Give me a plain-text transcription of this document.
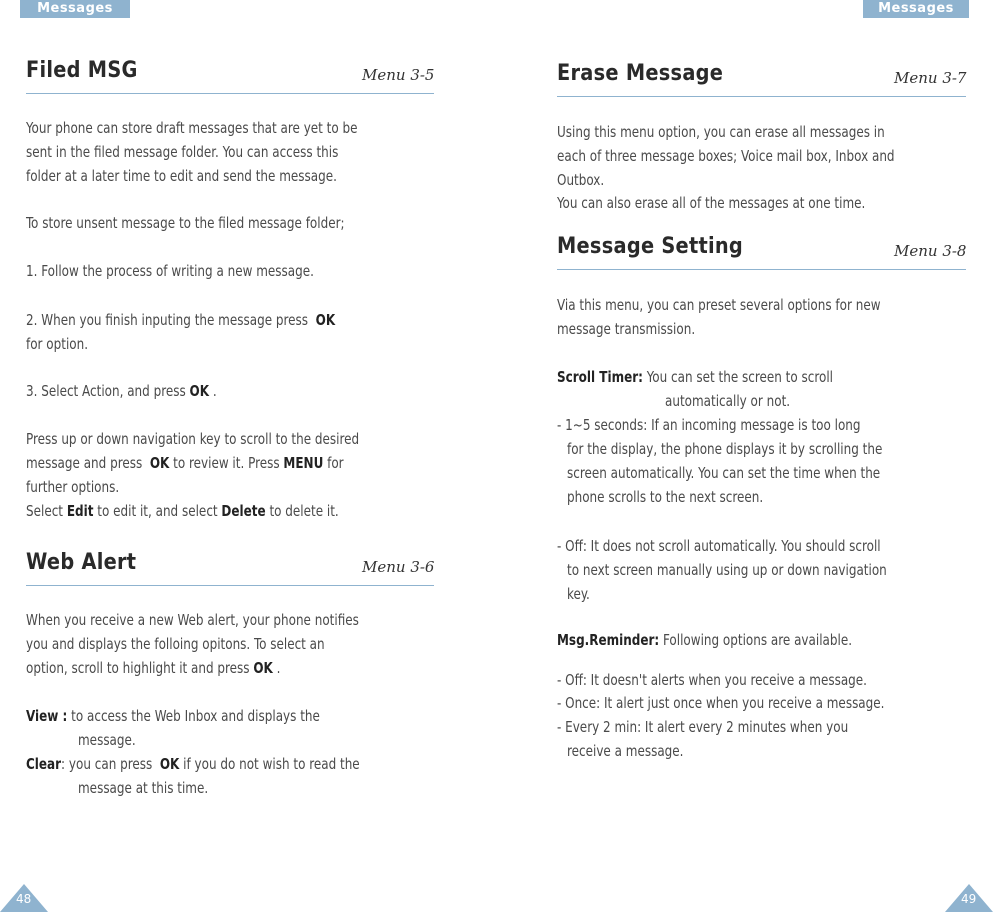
Messages
Filed MSG	Menu 3-5
Your phone can store draft messages that are yet to be
sent in the filed message folder. You can access this
folder at a later time to edit and send the message.
To store unsent message to the filed message folder;
1. Follow the process of writing a new message.
2. When you finish inputing the message press OK
for option.
3. Select Action, and press OK .
Press up or down navigation key to scroll to the desired
message and press OK to review it. Press MENU for
further options.
Select Edit to edit it, and select Delete to delete it.
Web Alert	Menu 3-6
When you receive a new Web alert, your phone notifies
you and displays the folloing opitons. To select an
option, scroll to highlight it and press OK .
View : to access the Web Inbox and displays the
message.
Clear: you can press OK if you do not wish to read the
message at this time.
48
Messages
Erase Message	Menu 3-7
Using this menu option, you can erase all messages in
each of three message boxes; Voice mail box, Inbox and
Outbox.
You can also erase all of the messages at one time.
Message Setting	Menu 3-8
Via this menu, you can preset several options for new
message transmission.
Scroll Timer: You can set the screen to scroll
automatically or not.
- 1~5 seconds: If an incoming message is too long
for the display, the phone displays it by scrolling the
screen automatically. You can set the time when the
phone scrolls to the next screen.
- Off: It does not scroll automatically. You should scroll
to next screen manually using up or down navigation
key.
Msg.Reminder: Following options are available.
- Off: It doesn't alerts when you receive a message.
- Once: It alert just once when you receive a message.
- Every 2 min: It alert every 2 minutes when you
receive a message.
49
